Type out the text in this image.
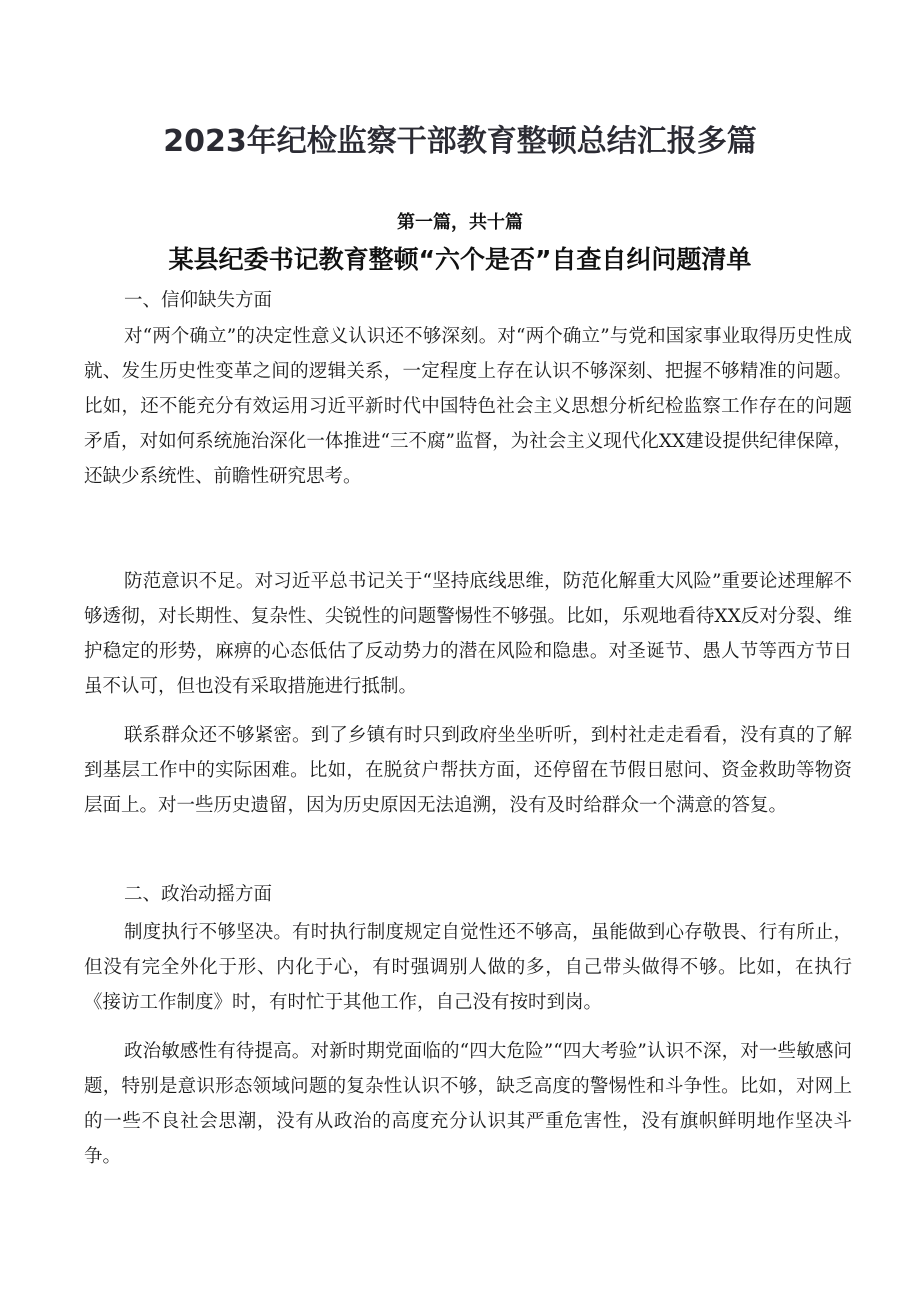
2023年纪检监察干部教育整顿总结汇报多篇
第一篇，共十篇
某县纪委书记教育整顿“六个是否”自查自纠问题清单

一、信仰缺失方面

对“两个确立”的决定性意义认识还不够深刻。对“两个确立”与党和国家事业取得历史性成就、发生历史性变革之间的逻辑关系，一定程度上存在认识不够深刻、把握不够精准的问题。比如，还不能充分有效运用习近平新时代中国特色社会主义思想分析纪检监察工作存在的问题矛盾，对如何系统施治深化一体推进“三不腐”监督，为社会主义现代化XX建设提供纪律保障，还缺少系统性、前瞻性研究思考。

防范意识不足。对习近平总书记关于“坚持底线思维，防范化解重大风险”重要论述理解不够透彻，对长期性、复杂性、尖锐性的问题警惕性不够强。比如，乐观地看待XX反对分裂、维护稳定的形势，麻痹的心态低估了反动势力的潜在风险和隐患。对圣诞节、愚人节等西方节日虽不认可，但也没有采取措施进行抵制。

联系群众还不够紧密。到了乡镇有时只到政府坐坐听听，到村社走走看看，没有真的了解到基层工作中的实际困难。比如，在脱贫户帮扶方面，还停留在节假日慰问、资金救助等物资层面上。对一些历史遗留，因为历史原因无法追溯，没有及时给群众一个满意的答复。

二、政治动摇方面

制度执行不够坚决。有时执行制度规定自觉性还不够高，虽能做到心存敬畏、行有所止，但没有完全外化于形、内化于心，有时强调别人做的多，自己带头做得不够。比如，在执行《接访工作制度》时，有时忙于其他工作，自己没有按时到岗。

政治敏感性有待提高。对新时期党面临的“四大危险”“四大考验”认识不深，对一些敏感问题，特别是意识形态领域问题的复杂性认识不够，缺乏高度的警惕性和斗争性。比如，对网上的一些不良社会思潮，没有从政治的高度充分认识其严重危害性，没有旗帜鲜明地作坚决斗争。
